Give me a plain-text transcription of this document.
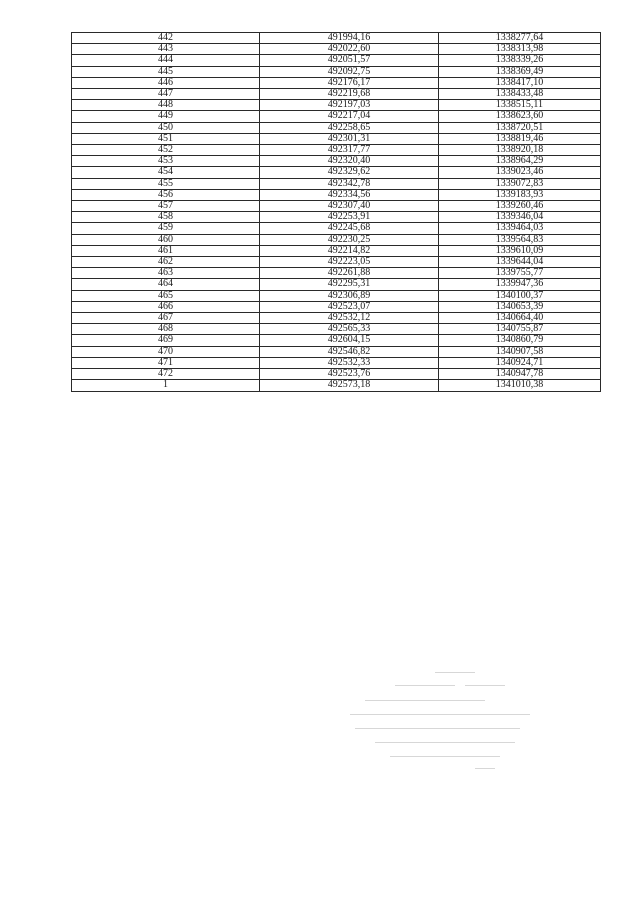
442	491994,16	1338277,64
443	492022,60	1338313,98
444	492051,57	1338339,26
445	492092,75	1338369,49
446	492176,17	1338417,10
447	492219,68	1338433,48
448	492197,03	1338515,11
449	492217,04	1338623,60
450	492258,65	1338720,51
451	492301,31	1338819,46
452	492317,77	1338920,18
453	492320,40	1338964,29
454	492329,62	1339023,46
455	492342,78	1339072,83
456	492334,56	1339183,93
457	492307,40	1339260,46
458	492253,91	1339346,04
459	492245,68	1339464,03
460	492230,25	1339564,83
461	492214,82	1339610,09
462	492223,05	1339644,04
463	492261,88	1339755,77
464	492295,31	1339947,36
465	492306,89	1340100,37
466	492523,07	1340653,39
467	492532,12	1340664,40
468	492565,33	1340755,87
469	492604,15	1340860,79
470	492546,82	1340907,58
471	492532,33	1340924,71
472	492523,76	1340947,78
1	492573,18	1341010,38
